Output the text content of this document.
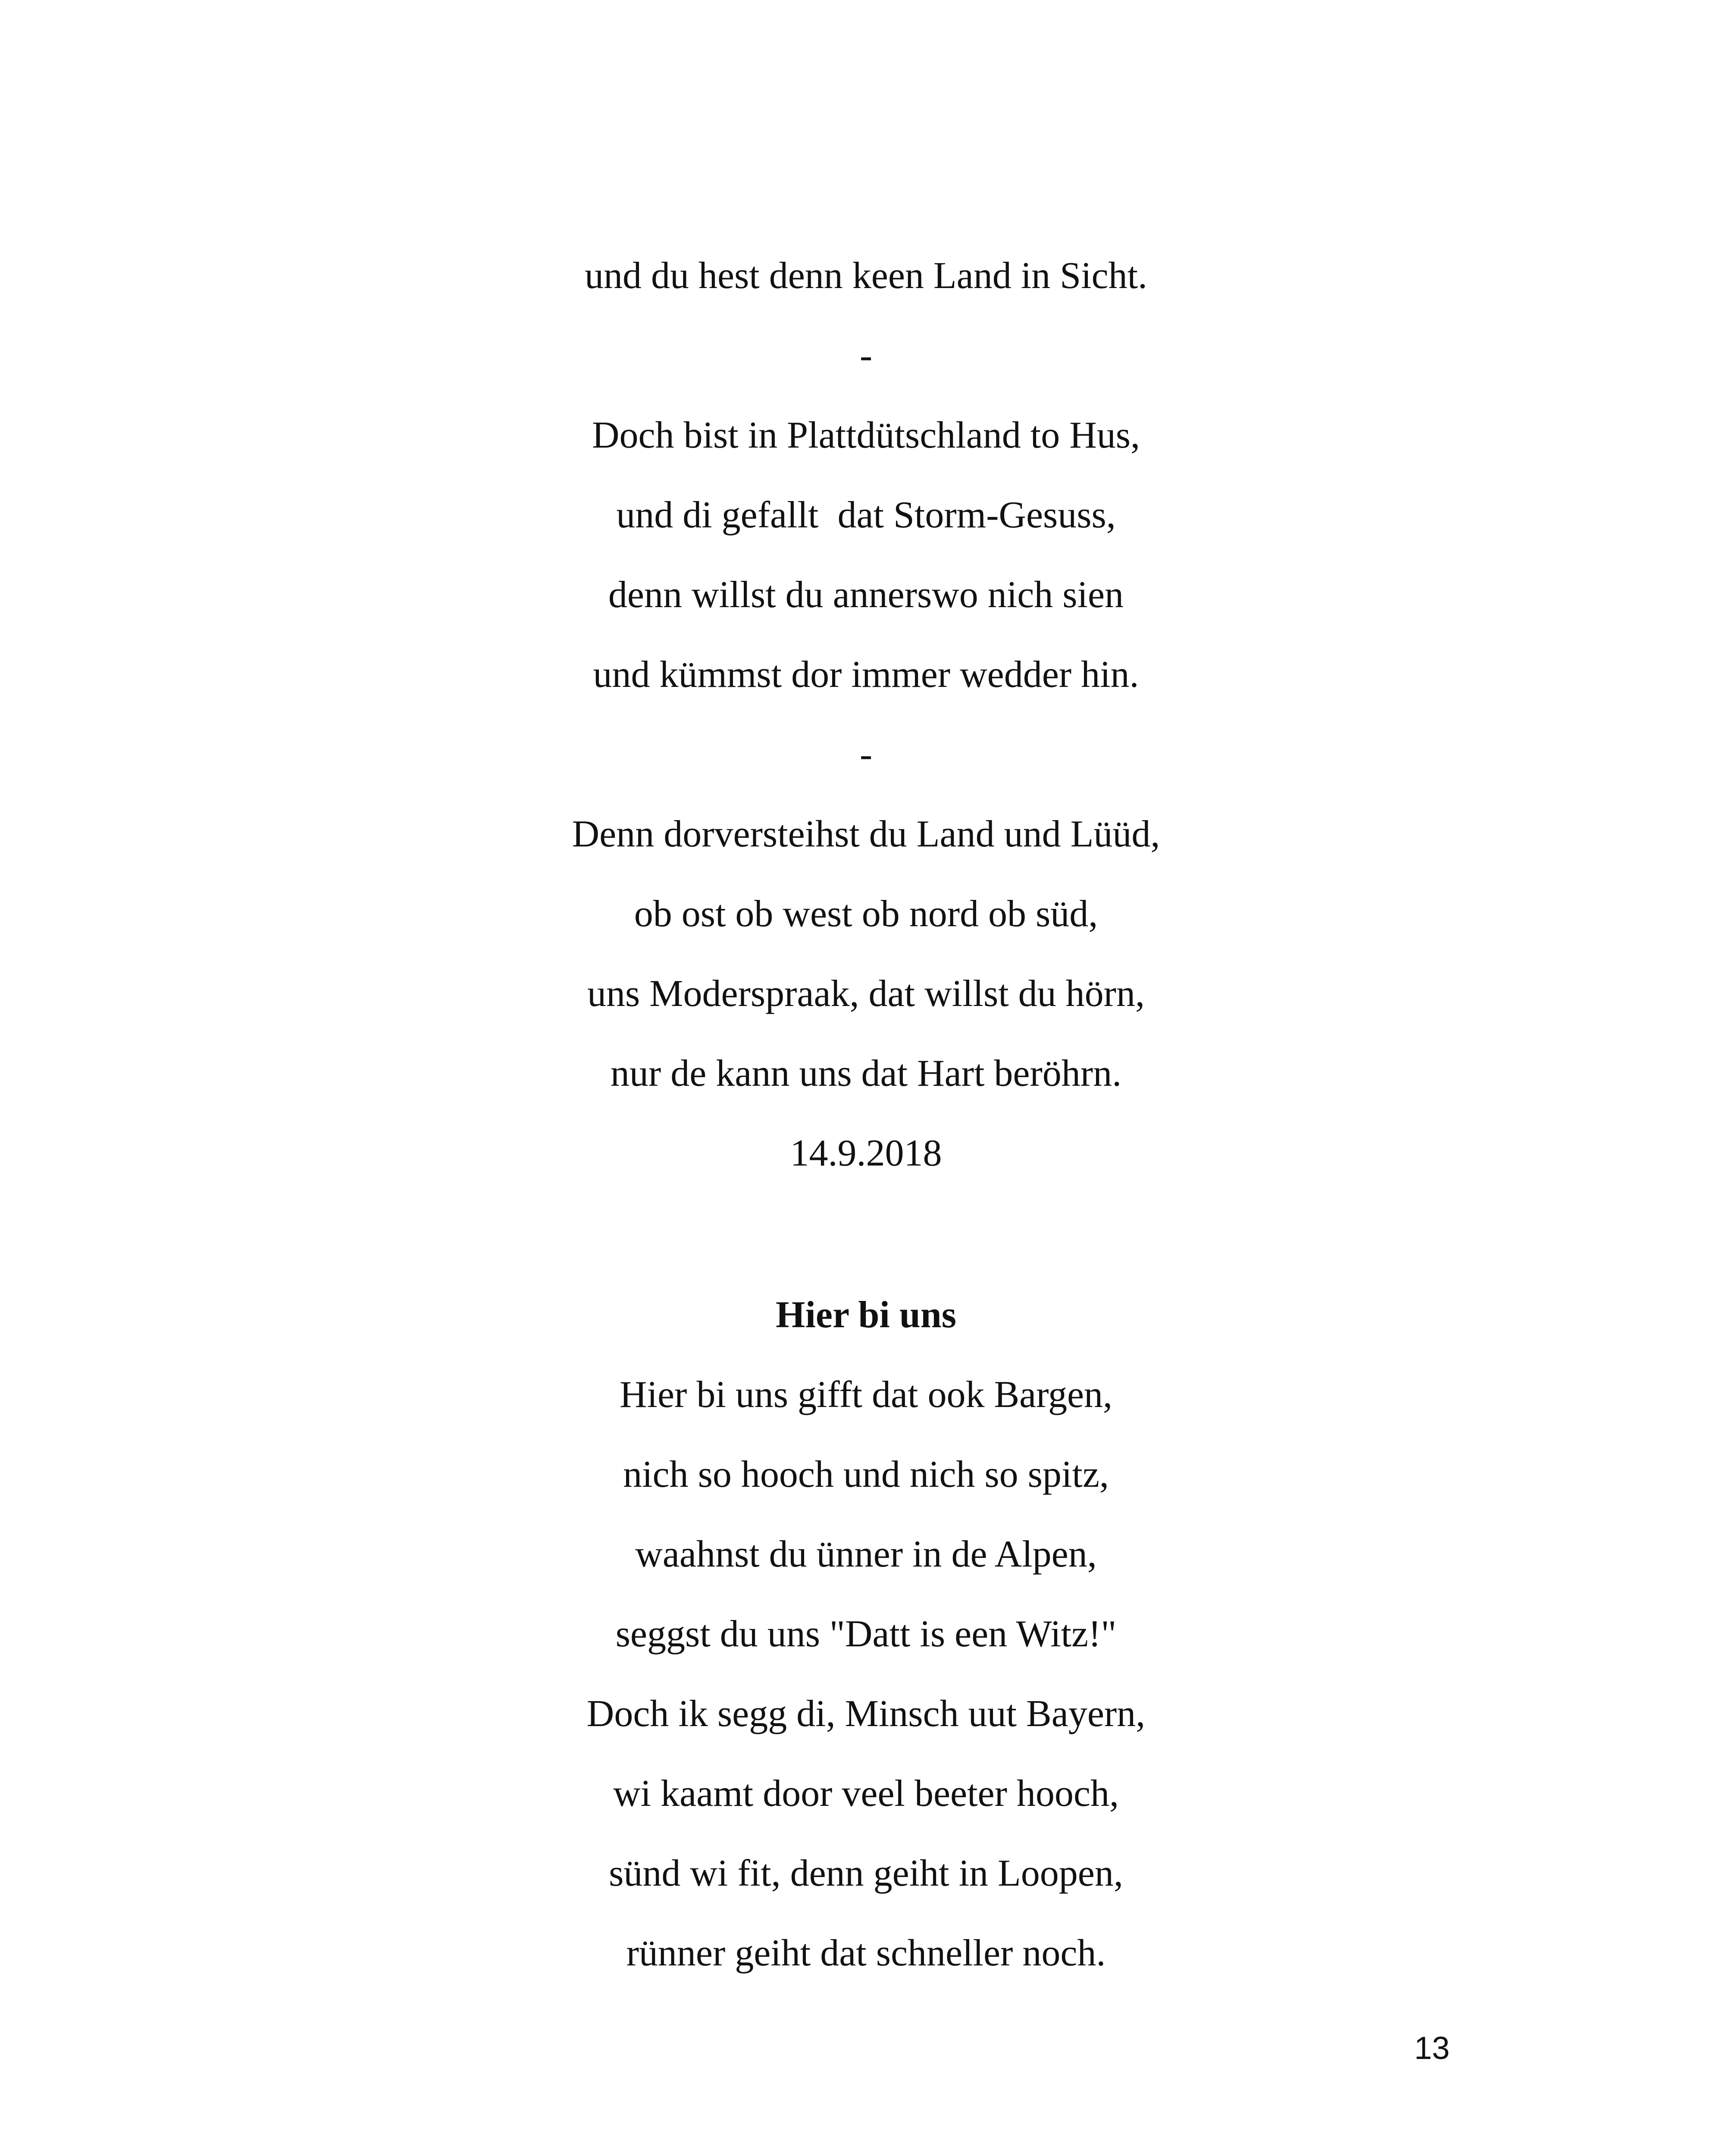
und du hest denn keen Land in Sicht.
-
Doch bist in Plattdütschland to Hus,
und di gefallt  dat Storm-Gesuss,
denn willst du annerswo nich sien
und kümmst dor immer wedder hin.
-
Denn dorversteihst du Land und Lüüd,
ob ost ob west ob nord ob süd,
uns Moderspraak, dat willst du hörn,
nur de kann uns dat Hart beröhrn.
14.9.2018
Hier bi uns
Hier bi uns gifft dat ook Bargen,
nich so hooch und nich so spitz,
waahnst du ünner in de Alpen,
seggst du uns "Datt is een Witz!"
Doch ik segg di, Minsch uut Bayern,
wi kaamt door veel beeter hooch,
sünd wi fit, denn geiht in Loopen,
rünner geiht dat schneller noch.
13
